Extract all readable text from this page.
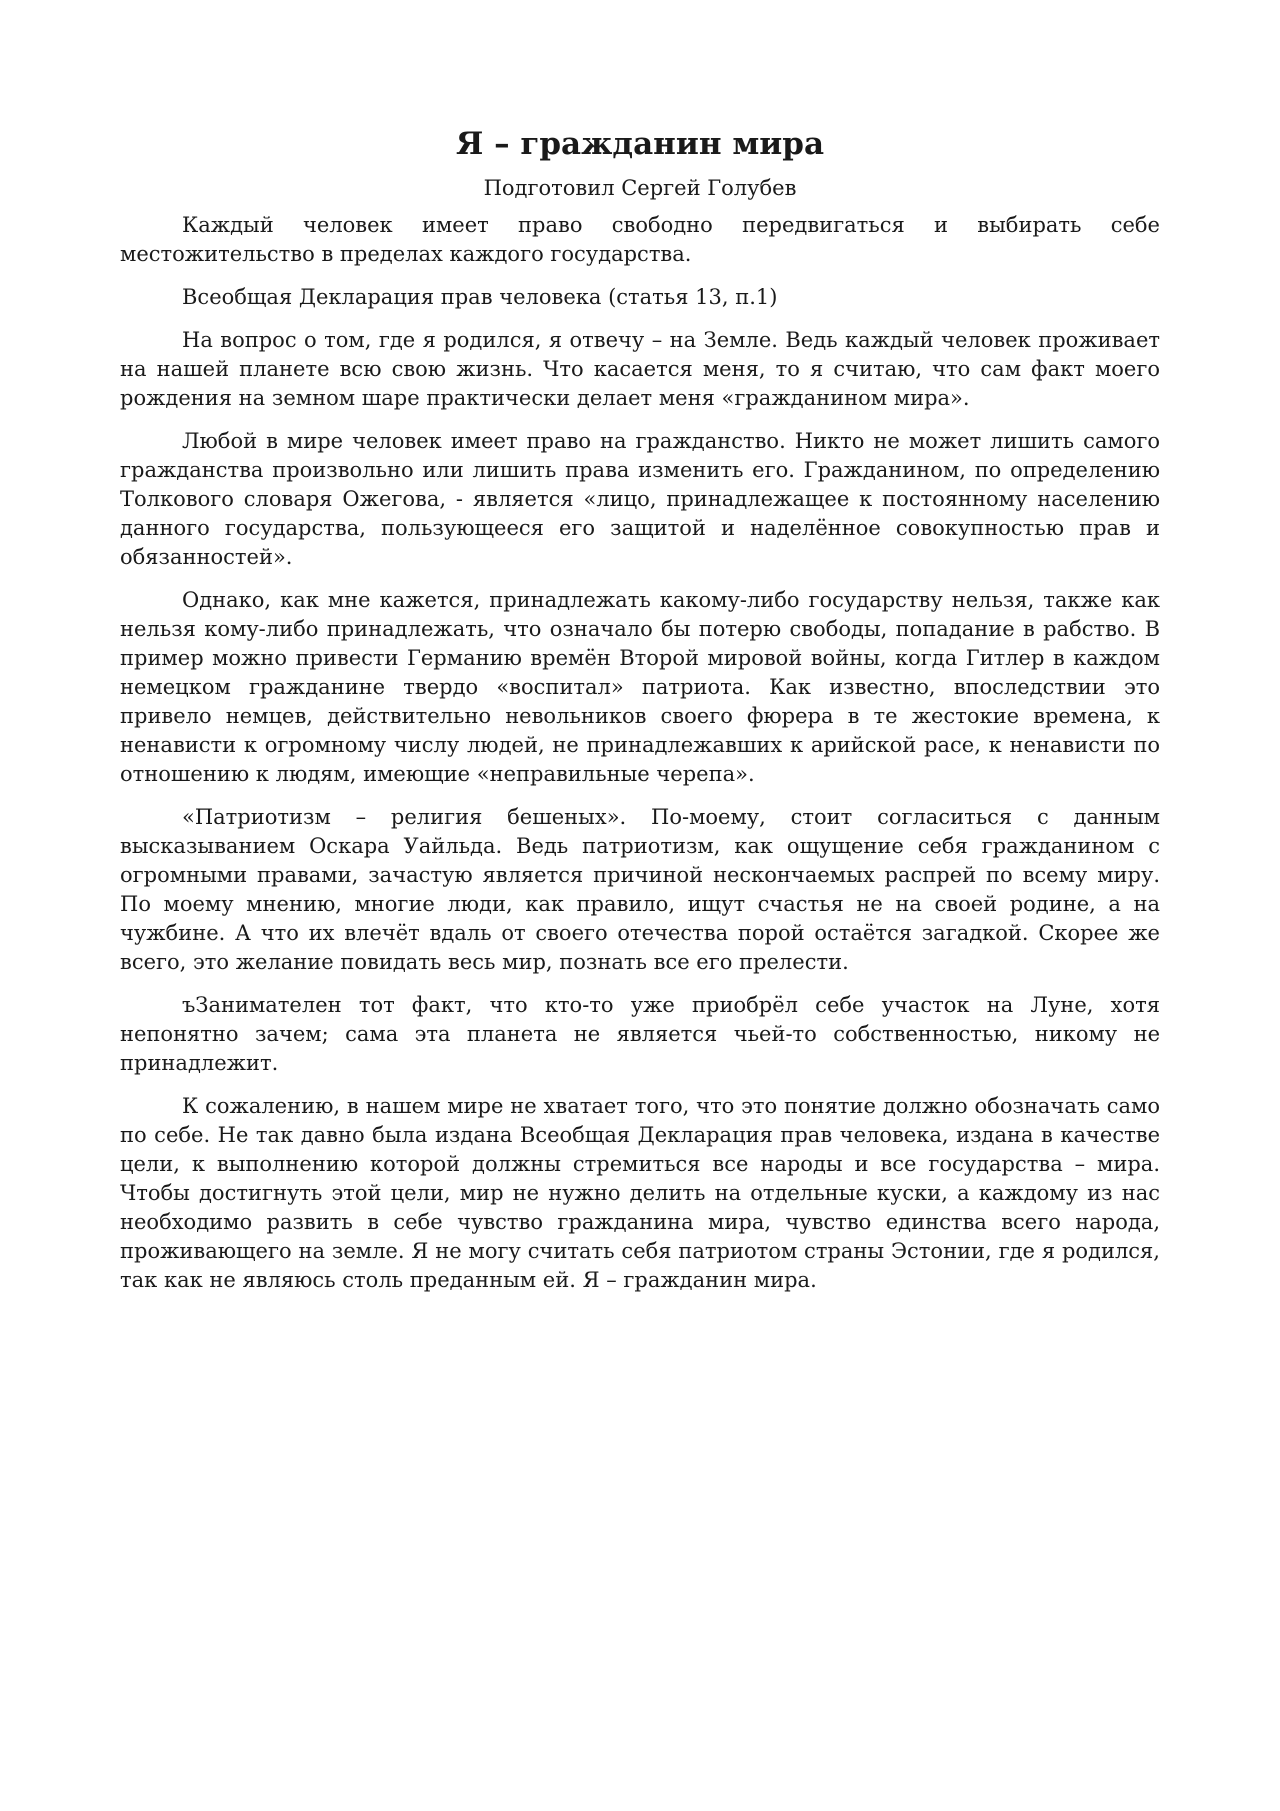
Я – гражданин мира
Подготовил Сергей Голубев

Каждый человек имеет право свободно передвигаться и выбирать себе местожительство в пределах каждого государства.

Всеобщая Декларация прав человека (статья 13, п.1)

На вопрос о том, где я родился, я отвечу – на Земле. Ведь каждый человек проживает на нашей планете всю свою жизнь. Что касается меня, то я считаю, что сам факт моего рождения на земном шаре практически делает меня «гражданином мира».

Любой в мире человек имеет право на гражданство. Никто не может лишить самого гражданства произвольно или лишить права изменить его. Гражданином, по определению Толкового словаря Ожегова, - является «лицо, принадлежащее к постоянному населению данного государства, пользующееся его защитой и наделённое совокупностью прав и обязанностей».

Однако, как мне кажется, принадлежать какому-либо государству нельзя, также как нельзя кому-либо принадлежать, что означало бы потерю свободы, попадание в рабство. В пример можно привести Германию времён Второй мировой войны, когда Гитлер в каждом немецком гражданине твердо «воспитал» патриота. Как известно, впоследствии это привело немцев, действительно невольников своего фюрера в те жестокие времена, к ненависти к огромному числу людей, не принадлежавших к арийской расе, к ненависти по отношению к людям, имеющие «неправильные черепа».

«Патриотизм – религия бешеных». По-моему, стоит согласиться с данным высказыванием Оскара Уайльда. Ведь патриотизм, как ощущение себя гражданином с огромными правами, зачастую является причиной нескончаемых распрей по всему миру. По моему мнению, многие люди, как правило, ищут счастья не на своей родине, а на чужбине. А что их влечёт вдаль от своего отечества порой остаётся загадкой. Скорее же всего, это желание повидать весь мир, познать все его прелести.

ъЗанимателен тот факт, что кто-то уже приобрёл себе участок на Луне, хотя непонятно зачем; сама эта планета не является чьей-то собственностью, никому не принадлежит.

К сожалению, в нашем мире не хватает того, что это понятие должно обозначать само по себе. Не так давно была издана Всеобщая Декларация прав человека, издана в качестве цели, к выполнению которой должны стремиться все народы и все государства – мира. Чтобы достигнуть этой цели, мир не нужно делить на отдельные куски, а каждому из нас необходимо развить в себе чувство гражданина мира, чувство единства всего народа, проживающего на земле. Я не могу считать себя патриотом страны Эстонии, где я родился, так как не являюсь столь преданным ей. Я – гражданин мира.
